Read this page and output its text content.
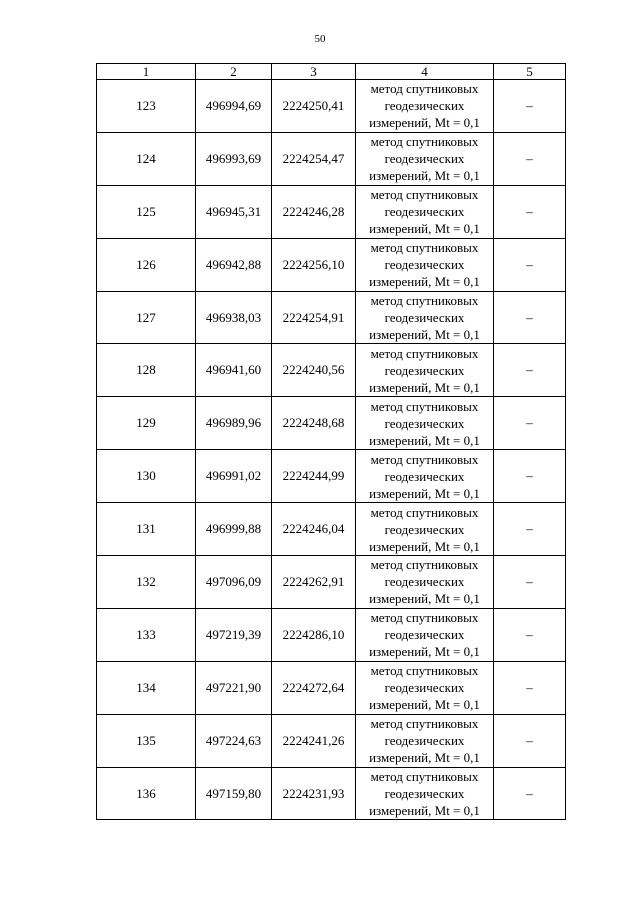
50
1	2	3	4	5
123	496994,69	2224250,41	метод спутниковых
геодезических
измерений, Mt = 0,1	–
124	496993,69	2224254,47	метод спутниковых
геодезических
измерений, Mt = 0,1	–
125	496945,31	2224246,28	метод спутниковых
геодезических
измерений, Mt = 0,1	–
126	496942,88	2224256,10	метод спутниковых
геодезических
измерений, Mt = 0,1	–
127	496938,03	2224254,91	метод спутниковых
геодезических
измерений, Mt = 0,1	–
128	496941,60	2224240,56	метод спутниковых
геодезических
измерений, Mt = 0,1	–
129	496989,96	2224248,68	метод спутниковых
геодезических
измерений, Mt = 0,1	–
130	496991,02	2224244,99	метод спутниковых
геодезических
измерений, Mt = 0,1	–
131	496999,88	2224246,04	метод спутниковых
геодезических
измерений, Mt = 0,1	–
132	497096,09	2224262,91	метод спутниковых
геодезических
измерений, Mt = 0,1	–
133	497219,39	2224286,10	метод спутниковых
геодезических
измерений, Mt = 0,1	–
134	497221,90	2224272,64	метод спутниковых
геодезических
измерений, Mt = 0,1	–
135	497224,63	2224241,26	метод спутниковых
геодезических
измерений, Mt = 0,1	–
136	497159,80	2224231,93	метод спутниковых
геодезических
измерений, Mt = 0,1	–
